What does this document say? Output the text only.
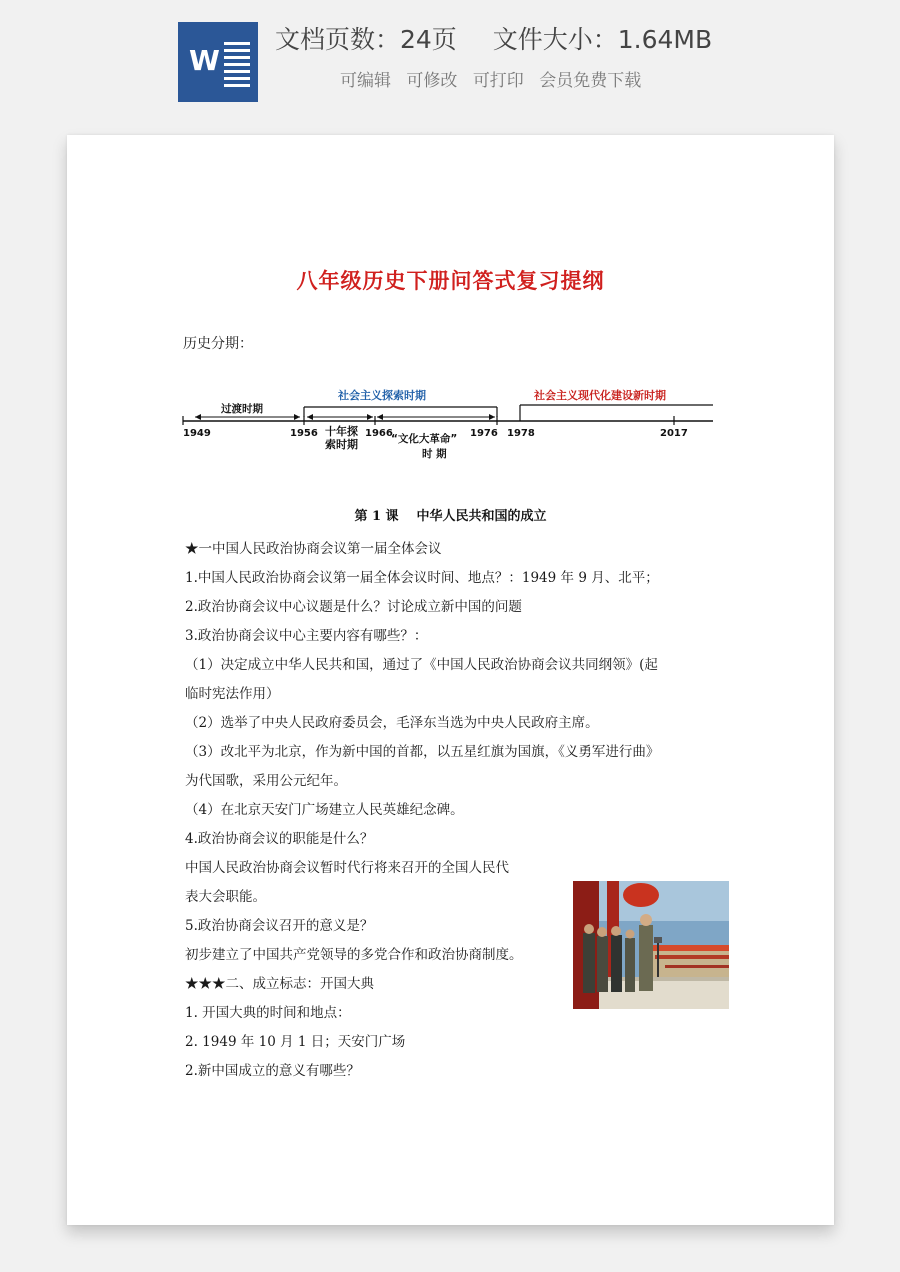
W
文档页数：24页 文件大小：1.64MB
可编辑 可修改 可打印 会员免费下载
八年级历史下册问答式复习提纲
历史分期：
社会主义探索时期	社会主义现代化建设新时期
过渡时期
1949	1956	1966	1976 1978	2017
十年探
索时期	“文化大革命”
时 期
第 1 课 中华人民共和国的成立
★一中国人民政治协商会议第一届全体会议
1.中国人民政治协商会议第一届全体会议时间、地点？：1949 年 9 月、北平；
2.政治协商会议中心议题是什么？讨论成立新中国的问题
3.政治协商会议中心主要内容有哪些？：
（1）决定成立中华人民共和国，通过了《中国人民政治协商会议共同纲领》(起
临时宪法作用）
（2）选举了中央人民政府委员会，毛泽东当选为中央人民政府主席。
（3）改北平为北京，作为新中国的首都，以五星红旗为国旗，《义勇军进行曲》
为代国歌，采用公元纪年。
（4）在北京天安门广场建立人民英雄纪念碑。
4.政治协商会议的职能是什么？
中国人民政治协商会议暂时代行将来召开的全国人民代
表大会职能。
5.政治协商会议召开的意义是？
初步建立了中国共产党领导的多党合作和政治协商制度。
★★★二、成立标志：开国大典
1. 开国大典的时间和地点：
2. 1949 年 10 月 1 日；天安门广场
2.新中国成立的意义有哪些？
